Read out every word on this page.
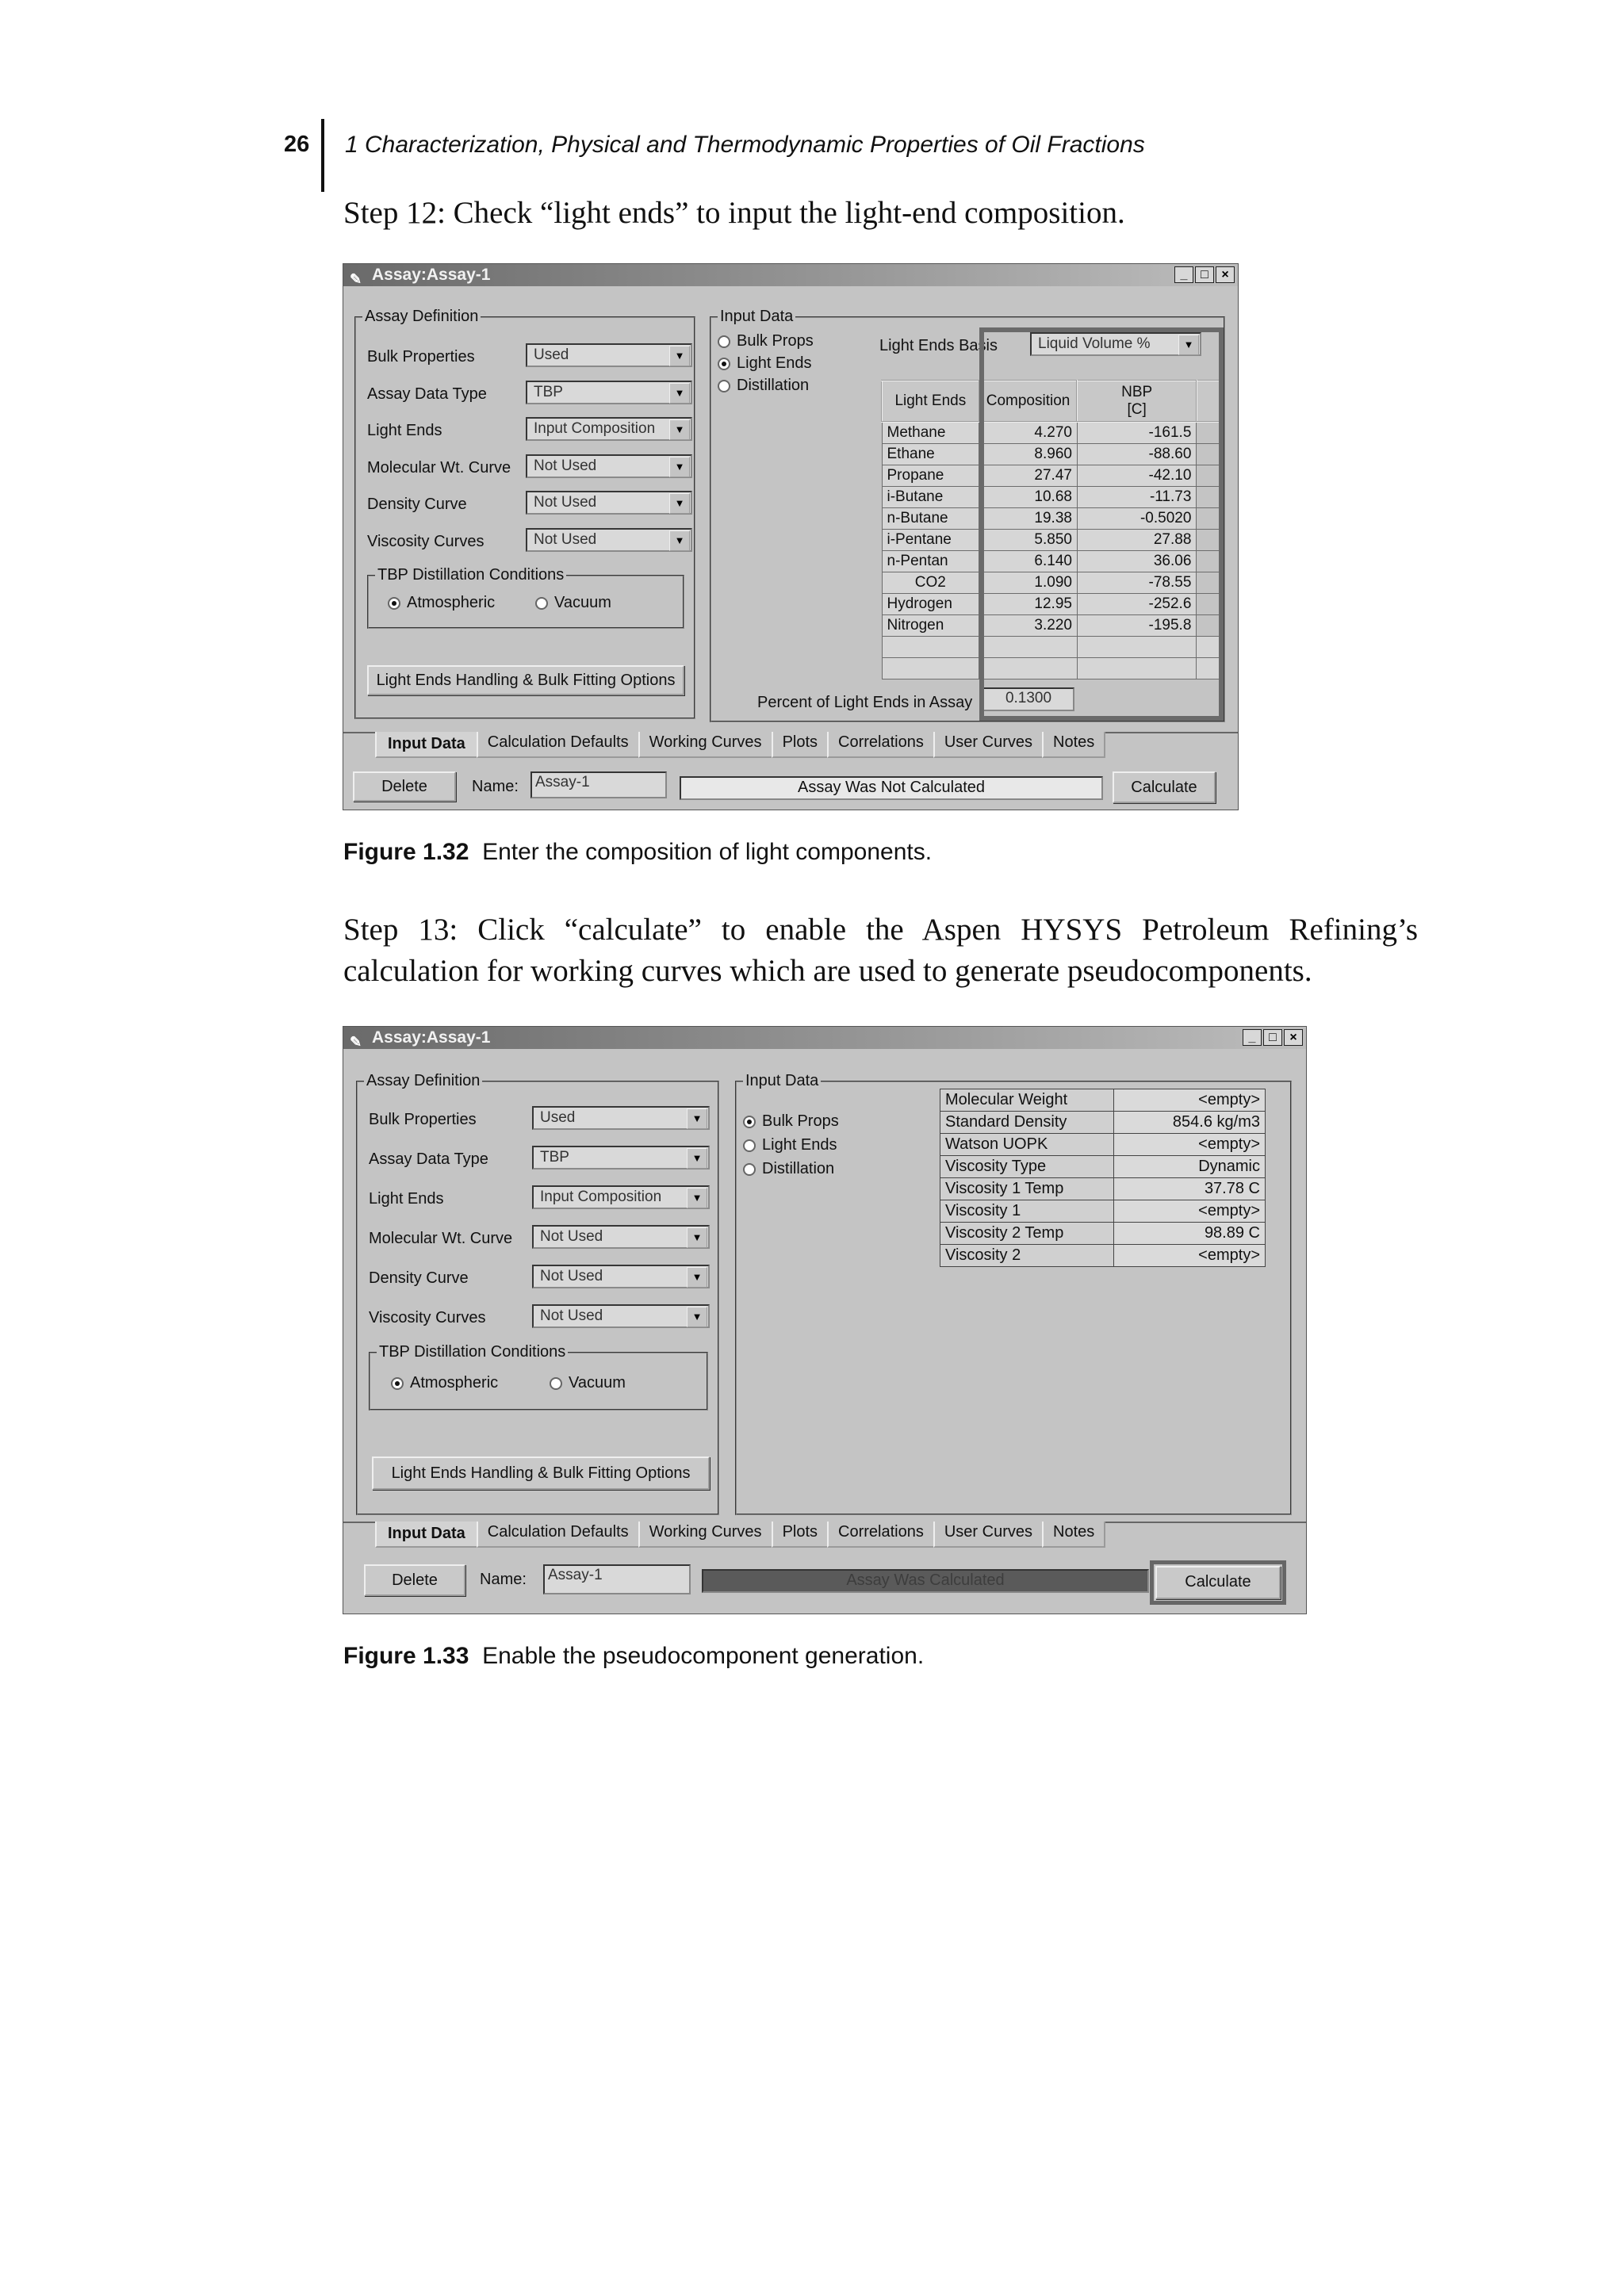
26 1 Characterization, Physical and Thermodynamic Properties of Oil Fractions
Step 12: Check “light ends” to input the light-end composition.
✎ Assay:Assay-1	_	□	×
Assay Definition
Bulk Properties	Used	▼
Assay Data Type	TBP	▼
Light Ends	Input Composition	▼
Molecular Wt. Curve	Not Used	▼
Density Curve	Not Used	▼
Viscosity Curves	Not Used	▼
TBP Distillation Conditions
Atmospheric	Vacuum
Light Ends Handling & Bulk Fitting Options
Input Data
Bulk Props
Light Ends
Distillation
Light Ends Basis	Liquid Volume %	▼
Light Ends	Composition	NBP
[C]	
Methane	4.270	-161.5	
Ethane	8.960	-88.60	
Propane	27.47	-42.10	
i-Butane	10.68	-11.73	
n-Butane	19.38	-0.5020	
i-Pentane	5.850	27.88	
n-Pentan	6.140	36.06	
CO2	1.090	-78.55	
Hydrogen	12.95	-252.6	
Nitrogen	3.220	-195.8	

Percent of Light Ends in Assay	0.1300
Input Data	Calculation Defaults	Working Curves	Plots	Correlations	User Curves	Notes
Delete	Name:	Assay-1	Assay Was Not Calculated	Calculate
Figure 1.32 Enter the composition of light components.
Step 13: Click “calculate” to enable the Aspen HYSYS Petroleum Refining’s
calculation for working curves which are used to generate pseudocomponents.
✎ Assay:Assay-1	_	□	×
Assay Definition
Bulk Properties	Used	▼
Assay Data Type	TBP	▼
Light Ends	Input Composition	▼
Molecular Wt. Curve	Not Used	▼
Density Curve	Not Used	▼
Viscosity Curves	Not Used	▼
TBP Distillation Conditions
Atmospheric	Vacuum
Light Ends Handling & Bulk Fitting Options
Input Data
Bulk Props
Light Ends
Distillation
Molecular Weight	<empty>
Standard Density	854.6 kg/m3
Watson UOPK	<empty>
Viscosity Type	Dynamic
Viscosity 1 Temp	37.78 C
Viscosity 1	<empty>
Viscosity 2 Temp	98.89 C
Viscosity 2	<empty>
Input Data	Calculation Defaults	Working Curves	Plots	Correlations	User Curves	Notes
Delete	Name:	Assay-1	Assay Was Calculated	Calculate
Figure 1.33 Enable the pseudocomponent generation.
